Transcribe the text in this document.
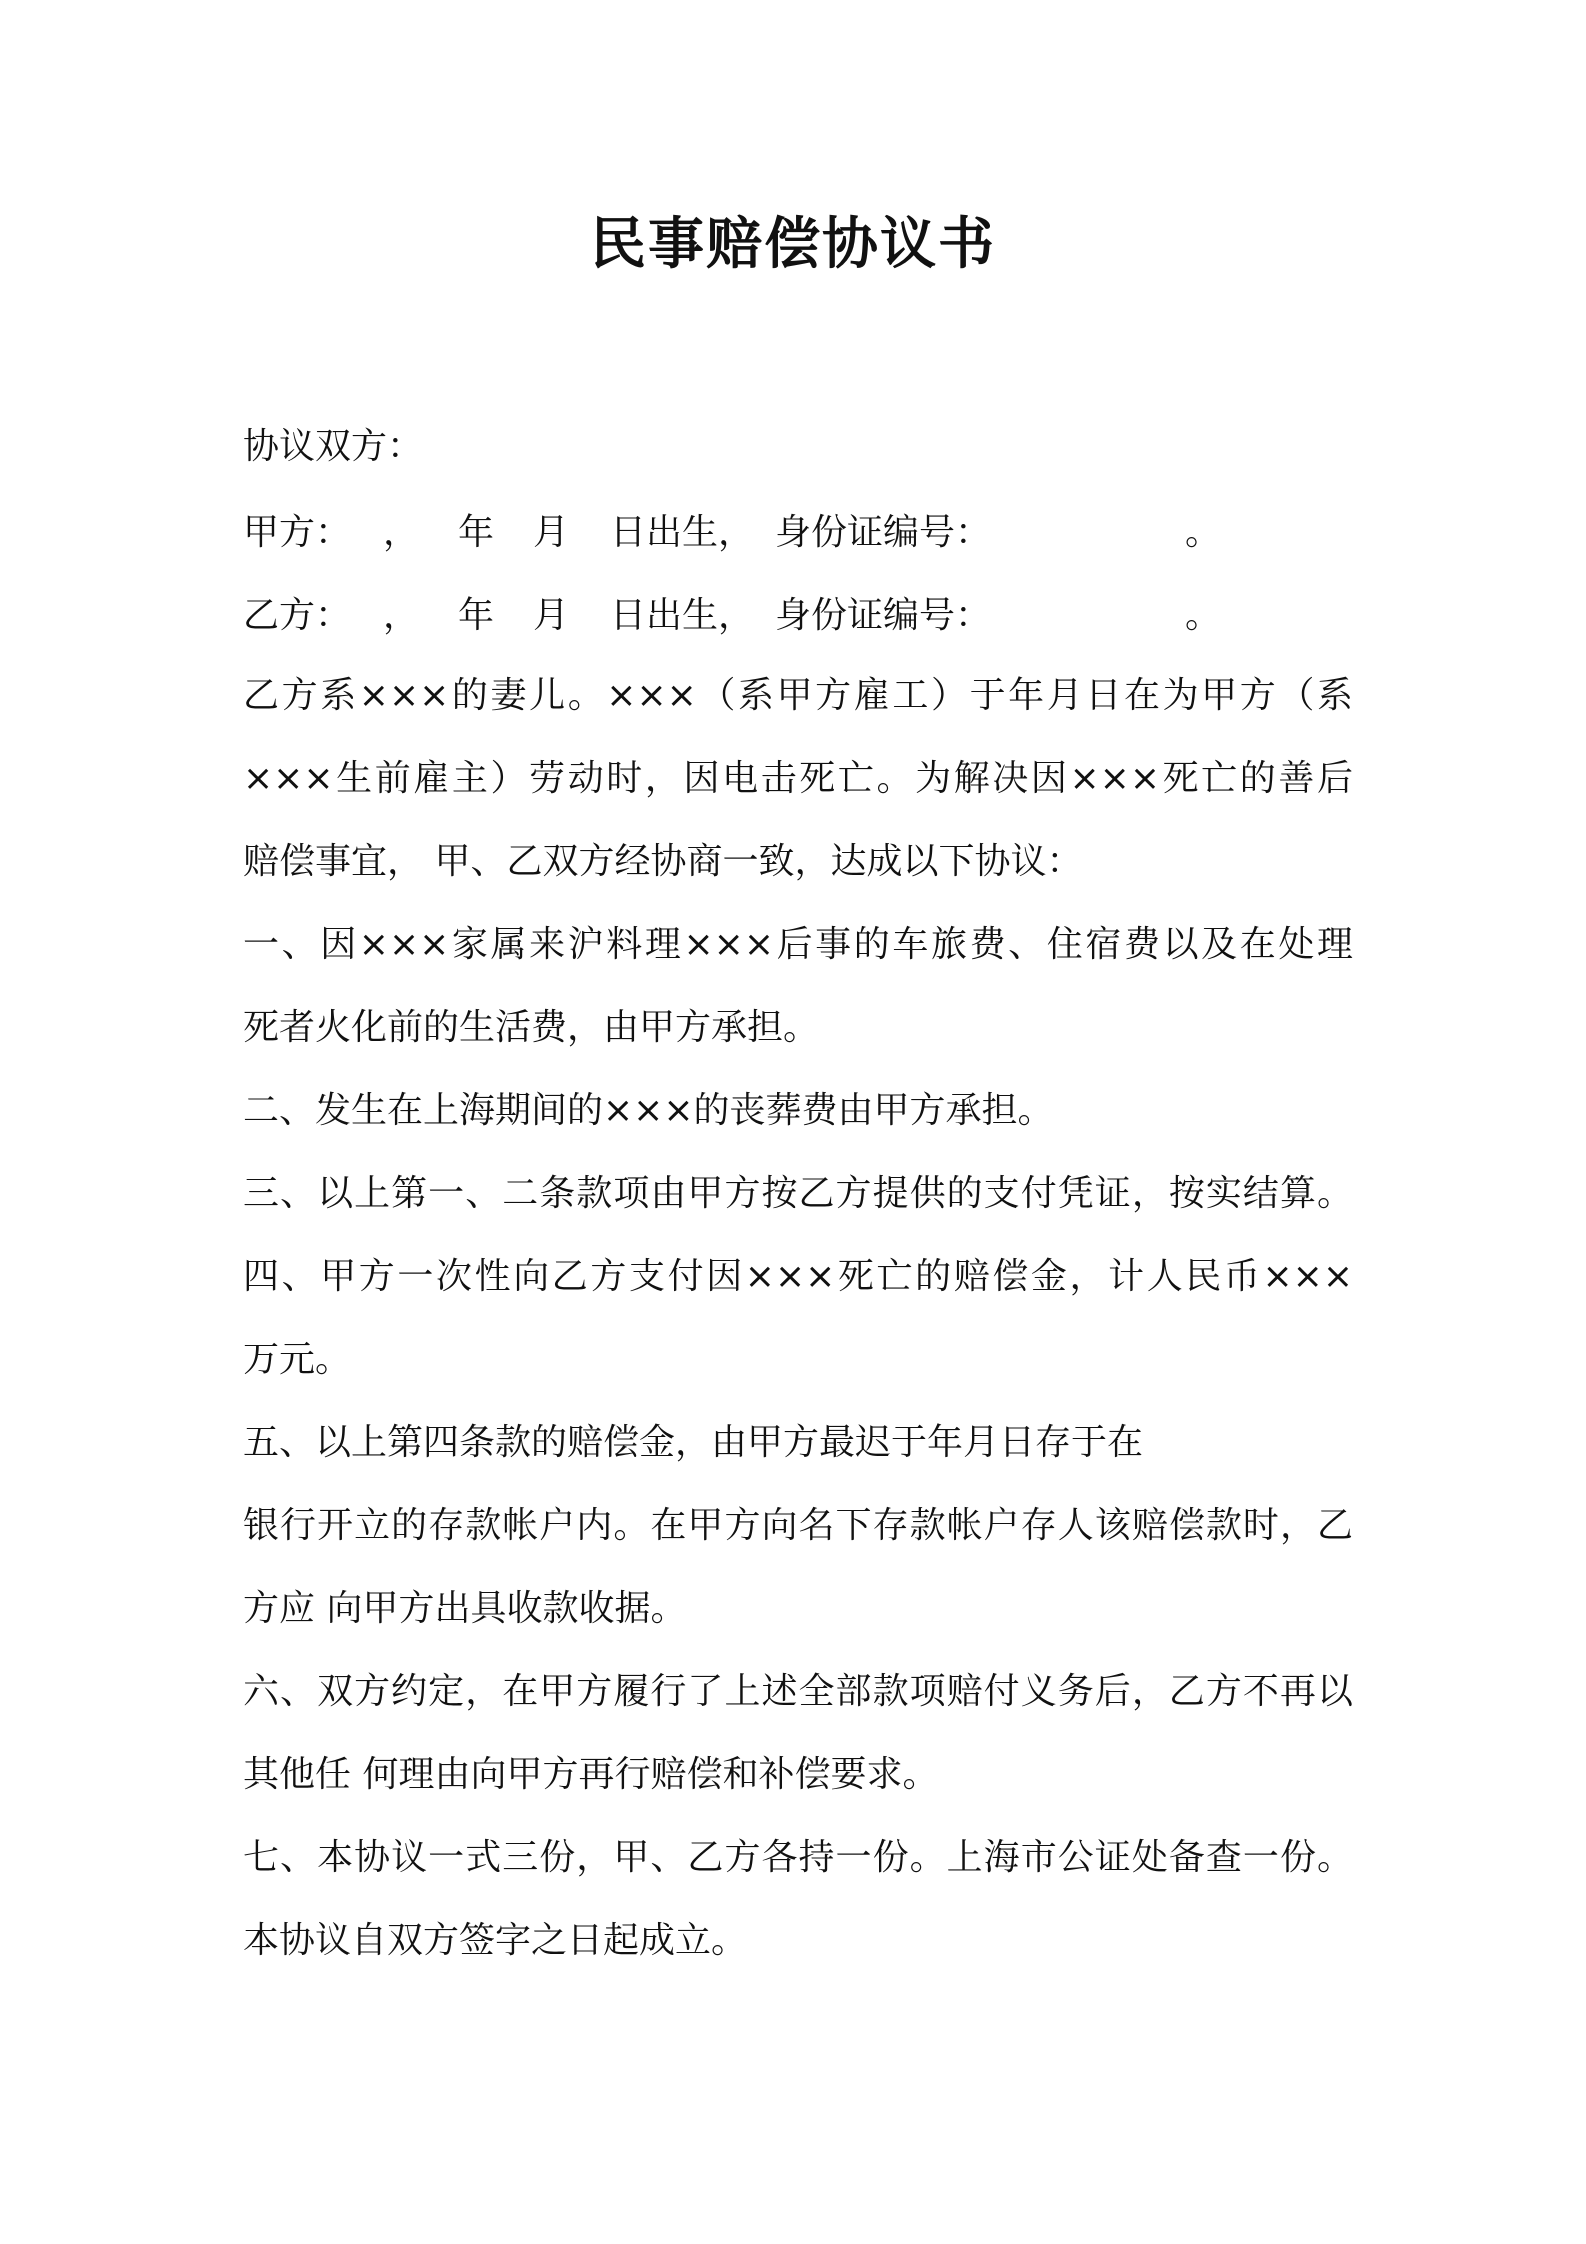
民事赔偿协议书
协议双方：
甲方： ，	年	月	日出生， 身份证编号：	。
乙方： ，	年	月	日出生， 身份证编号：	。
乙方系×××的妻儿。×××（系甲方雇工）于年月日在为甲方（系
×××生前雇主）劳动时，因电击死亡。为解决因×××死亡的善后
赔偿事宜， 甲、乙双方经协商一致，达成以下协议：
一、因×××家属来沪料理×××后事的车旅费、住宿费以及在处理
死者火化前的生活费，由甲方承担。
二、发生在上海期间的×××的丧葬费由甲方承担。
三、以上第一、二条款项由甲方按乙方提供的支付凭证，按实结算。
四、甲方一次性向乙方支付因×××死亡的赔偿金，计人民币×××
万元。
五、以上第四条款的赔偿金，由甲方最迟于年月日存于在
银行开立的存款帐户内。在甲方向名下存款帐户存人该赔偿款时，乙
方应 向甲方出具收款收据。
六、双方约定，在甲方履行了上述全部款项赔付义务后，乙方不再以
其他任 何理由向甲方再行赔偿和补偿要求。
七、本协议一式三份，甲、乙方各持一份。上海市公证处备查一份。
本协议自双方签字之日起成立。
